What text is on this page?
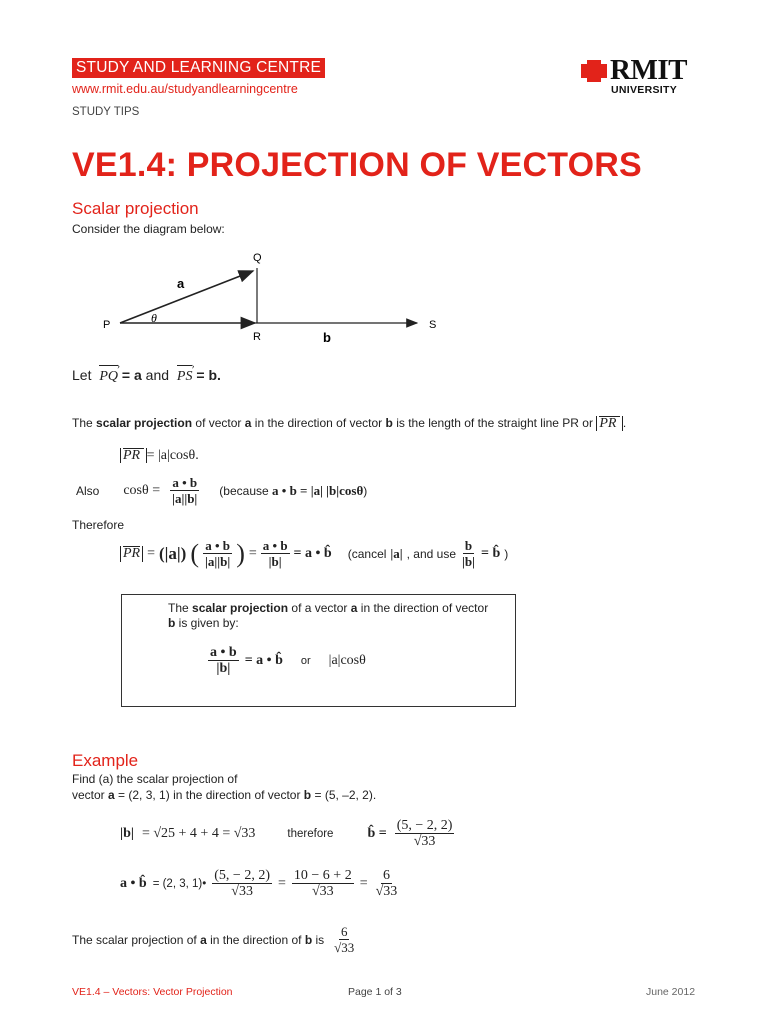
STUDY AND LEARNING CENTRE
www.rmit.edu.au/studyandlearningcentre
STUDY TIPS
RMIT
UNIVERSITY
VE1.4: PROJECTION OF VECTORS
Scalar projection
Consider the diagram below:
P
Q
R
S
a
b
θ
Let
›
PQ = a and
›
PS = b.
The scalar projection of vector a in the direction of vector b is the length of the straight line PR or PR .
PR = |a|cosθ.
Also $\cos\theta = \frac{a • b}{|a||b|}$ (because a • b = |a| |b|cosθ)
Therefore
PR = (|a|) ( $\frac{a • b}{|a||b|}$ ) = $\frac{a • b}{|b|} = a$ • b̂ (cancel |a| , and use $\frac{b}{|b|}$ = b̂ )
The scalar projection of a vector a in the direction of vector
b is given by:
$\frac{a • b}{|b|} = a$ • b̂ or |a|cosθ
Example
Find (a) the scalar projection of
vector a = (2, 3, 1) in the direction of vector b = (5, –2, 2).
|b| = √25 + 4 + 4 = √33	therefore b̂ = $\frac{(5, - 2, 2)}{√33}$
a • b̂ = (2, 3, 1)• $\frac{(5, - 2, 2)}{√33} = \frac{10 - 6 + 2}{√33} = \frac{6}{√33}$
The scalar projection of a in the direction of b is $\frac{6}{√33}$
VE1.4 – Vectors: Vector Projection	Page 1 of 3	June 2012
